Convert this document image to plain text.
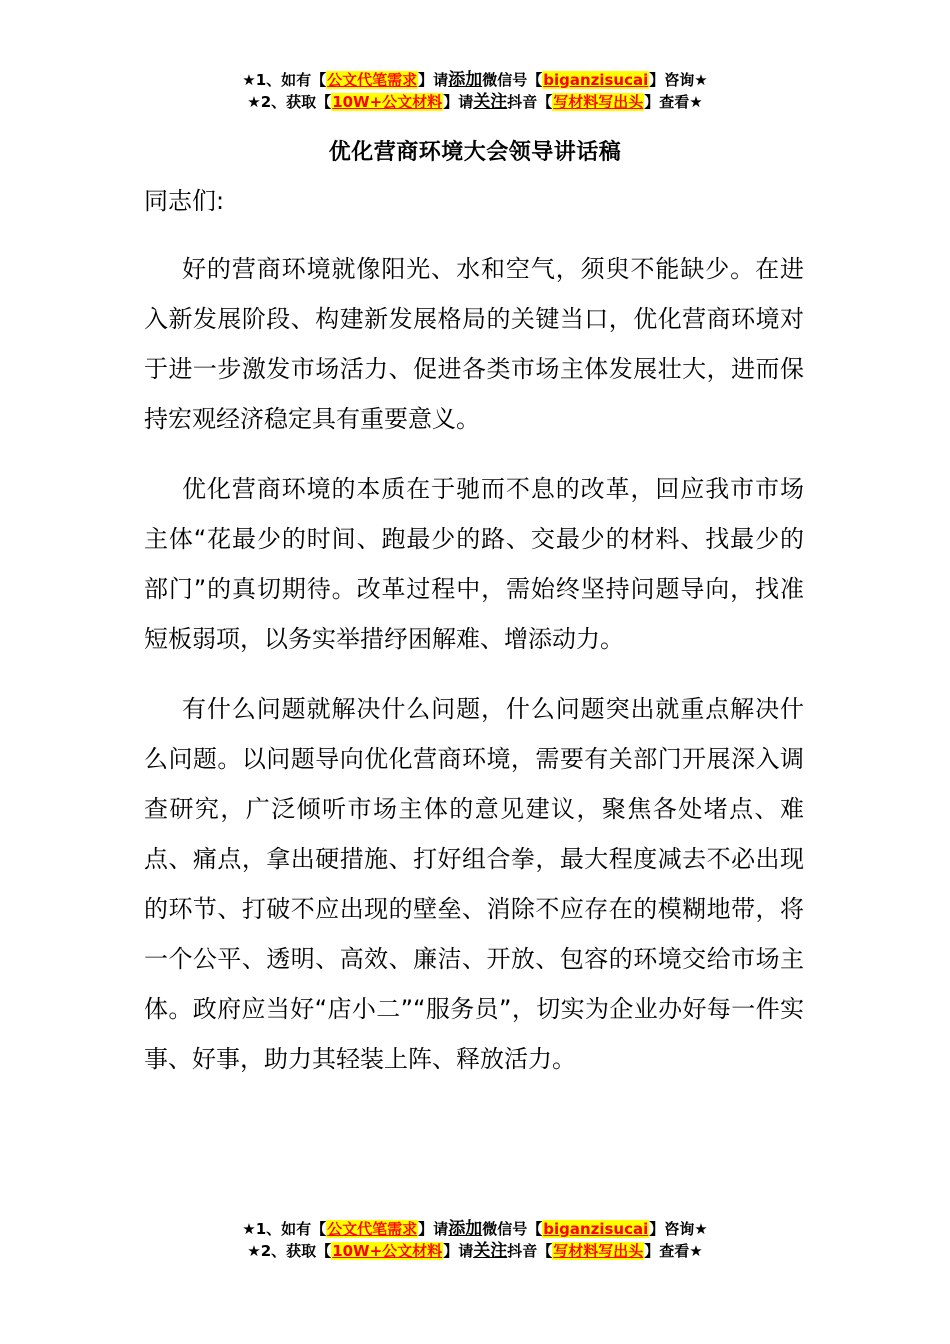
★1、如有【公文代笔需求】请添加微信号【biganzisucai】咨询★
★2、获取【10W+公文材料】请关注抖音【写材料写出头】查看★
优化营商环境大会领导讲话稿
同志们:

好的营商环境就像阳光、水和空气，须臾不能缺少。在进入新发展阶段、构建新发展格局的关键当口，优化营商环境对于进一步激发市场活力、促进各类市场主体发展壮大，进而保持宏观经济稳定具有重要意义。

优化营商环境的本质在于驰而不息的改革，回应我市市场主体“花最少的时间、跑最少的路、交最少的材料、找最少的部门”的真切期待。改革过程中，需始终坚持问题导向，找准短板弱项，以务实举措纾困解难、增添动力。

有什么问题就解决什么问题，什么问题突出就重点解决什么问题。以问题导向优化营商环境，需要有关部门开展深入调查研究，广泛倾听市场主体的意见建议，聚焦各处堵点、难点、痛点，拿出硬措施、打好组合拳，最大程度减去不必出现的环节、打破不应出现的壁垒、消除不应存在的模糊地带，将一个公平、透明、高效、廉洁、开放、包容的环境交给市场主体。政府应当好“店小二”“服务员”，切实为企业办好每一件实事、好事，助力其轻装上阵、释放活力。

★1、如有【公文代笔需求】请添加微信号【biganzisucai】咨询★
★2、获取【10W+公文材料】请关注抖音【写材料写出头】查看★
